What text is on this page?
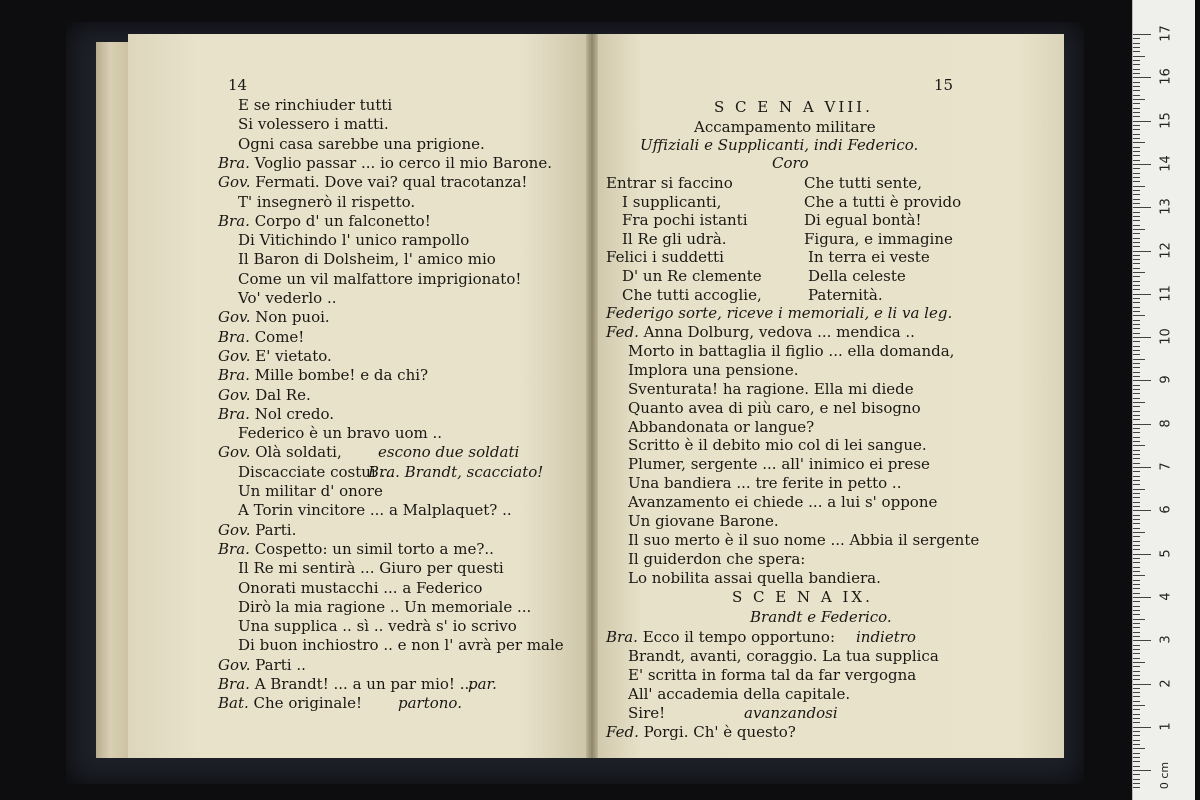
14
E se rinchiuder tutti
Si volessero i matti.
Ogni casa sarebbe una prigione.
Bra. Voglio passar ... io cerco il mio Barone.
Gov. Fermati. Dove vai? qual tracotanza!
T' insegnerò il rispetto.
Bra. Corpo d' un falconetto!
Di Vitichindo l' unico rampollo
Il Baron di Dolsheim, l' amico mio
Come un vil malfattore imprigionato!
Vo' vederlo ..
Gov. Non puoi.
Bra. Come!
Gov. E' vietato.
Bra. Mille bombe! e da chi?
Gov. Dal Re.
Bra. Nol credo.
Federico è un bravo uom ..
Gov. Olà soldati, escono due soldati
Discacciate costui ...
Bra. Brandt, scacciato!
Un militar d' onore
A Torin vincitore ... a Malplaquet? ..
Gov. Parti.
Bra. Cospetto: un simil torto a me?..
Il Re mi sentirà ... Giuro per questi
Onorati mustacchi ... a Federico
Dirò la mia ragione .. Un memoriale ...
Una supplica .. sì .. vedrà s' io scrivo
Di buon inchiostro .. e non l' avrà per male
Gov. Parti ..
Bra. A Brandt! ... a un par mio! ...
par.
Bat. Che originale! partono.
15
S C E N A VIII.
Accampamento militare
Uffiziali e Supplicanti, indi Federico.
Coro
Entrar si faccino
I supplicanti,
Fra pochi istanti
Il Re gli udrà.
Felici i suddetti
D' un Re clemente
Che tutti accoglie,
Che tutti sente,
Che a tutti è provido
Di egual bontà!
Figura, e immagine
In terra ei veste
Della celeste
Paternità.
Federigo sorte, riceve i memoriali, e li va leg.
Fed. Anna Dolburg, vedova ... mendica ..
Morto in battaglia il figlio ... ella domanda,
Implora una pensione.
Sventurata! ha ragione. Ella mi diede
Quanto avea di più caro, e nel bisogno
Abbandonata or langue?
Scritto è il debito mio col di lei sangue.
Plumer, sergente ... all' inimico ei prese
Una bandiera ... tre ferite in petto ..
Avanzamento ei chiede ... a lui s' oppone
Un giovane Barone.
Il suo merto è il suo nome ... Abbia il sergente
Il guiderdon che spera:
Lo nobilita assai quella bandiera.
S C E N A IX.
Brandt e Federico.
Bra. Ecco il tempo opportuno: indietro
Brandt, avanti, coraggio. La tua supplica
E' scritta in forma tal da far vergogna
All' accademia della capitale.
Sire!	avanzandosi
Fed. Porgi. Ch' è questo?
17
16
15
14
13
12
11
10
9
8
7
6
5
4
3
2
1
0 cm
